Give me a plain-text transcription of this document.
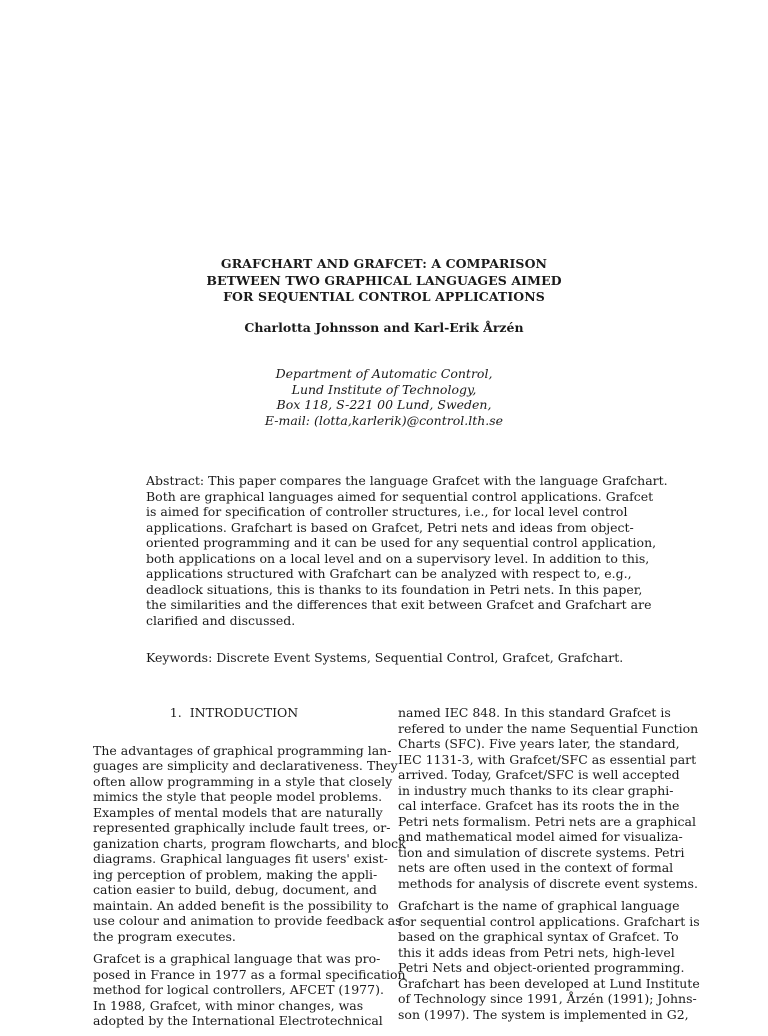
GRAFCHART AND GRAFCET: A COMPARISON
BETWEEN TWO GRAPHICAL LANGUAGES AIMED
FOR SEQUENTIAL CONTROL APPLICATIONS
Charlotta Johnsson and Karl-Erik Årzén
Department of Automatic Control,
Lund Institute of Technology,
Box 118, S-221 00 Lund, Sweden,
E-mail: (lotta,karlerik)@control.lth.se
Abstract: This paper compares the language Grafcet with the language Grafchart.
Both are graphical languages aimed for sequential control applications. Grafcet
is aimed for specification of controller structures, i.e., for local level control
applications. Grafchart is based on Grafcet, Petri nets and ideas from object-
oriented programming and it can be used for any sequential control application,
both applications on a local level and on a supervisory level. In addition to this,
applications structured with Grafchart can be analyzed with respect to, e.g.,
deadlock situations, this is thanks to its foundation in Petri nets. In this paper,
the similarities and the differences that exit between Grafcet and Grafchart are
clarified and discussed.
Keywords: Discrete Event Systems, Sequential Control, Grafcet, Grafchart.
1. INTRODUCTION
The advantages of graphical programming lan-
guages are simplicity and declarativeness. They
often allow programming in a style that closely
mimics the style that people model problems.
Examples of mental models that are naturally
represented graphically include fault trees, or-
ganization charts, program flowcharts, and block
diagrams. Graphical languages fit users' exist-
ing perception of problem, making the appli-
cation easier to build, debug, document, and
maintain. An added benefit is the possibility to
use colour and animation to provide feedback as
the program executes.
Grafcet is a graphical language that was pro-
posed in France in 1977 as a formal specification
method for logical controllers, AFCET (1977).
In 1988, Grafcet, with minor changes, was
adopted by the International Electrotechnical
named IEC 848. In this standard Grafcet is
refered to under the name Sequential Function
Charts (SFC). Five years later, the standard,
IEC 1131-3, with Grafcet/SFC as essential part
arrived. Today, Grafcet/SFC is well accepted
in industry much thanks to its clear graphi-
cal interface. Grafcet has its roots the in the
Petri nets formalism. Petri nets are a graphical
and mathematical model aimed for visualiza-
tion and simulation of discrete systems. Petri
nets are often used in the context of formal
methods for analysis of discrete event systems.
Grafchart is the name of graphical language
for sequential control applications. Grafchart is
based on the graphical syntax of Grafcet. To
this it adds ideas from Petri nets, high-level
Petri Nets and object-oriented programming.
Grafchart has been developed at Lund Institute
of Technology since 1991, Årzén (1991); Johns-
son (1997). The system is implemented in G2,
